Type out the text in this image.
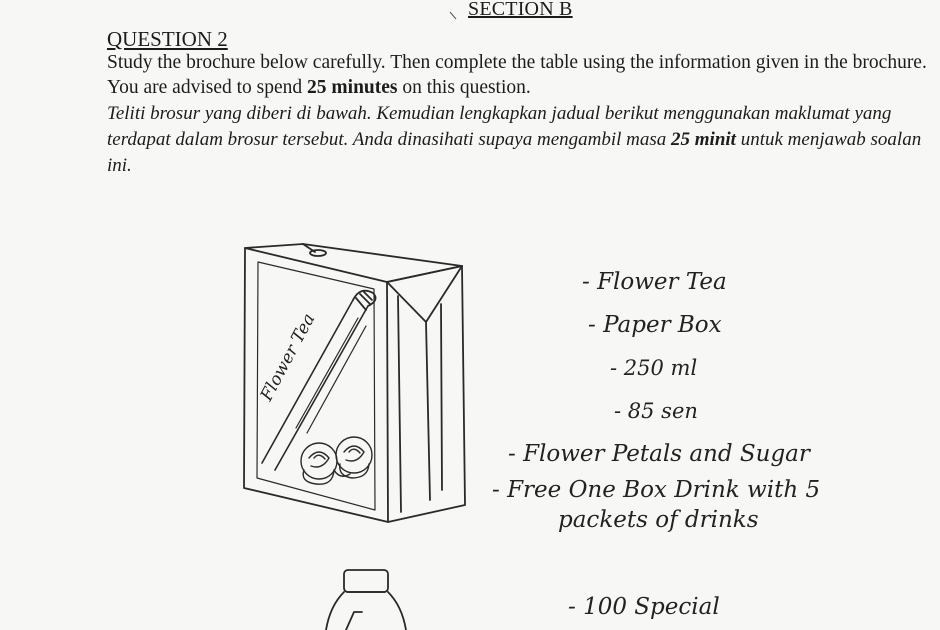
SECTION B
QUESTION 2
Study the brochure below carefully. Then complete the table using the information given in the brochure. You are advised to spend 25 minutes on this question.
Teliti brosur yang diberi di bawah. Kemudian lengkapkan jadual berikut menggunakan maklumat yang terdapat dalam brosur tersebut. Anda dinasihati supaya mengambil masa 25 minit untuk menjawab soalan ini.
Flower Tea
- Flower Tea
- Paper Box
- 250 ml
- 85 sen
- Flower Petals and Sugar
- Free One Box Drink with 5
packets of drinks
- 100 Special
